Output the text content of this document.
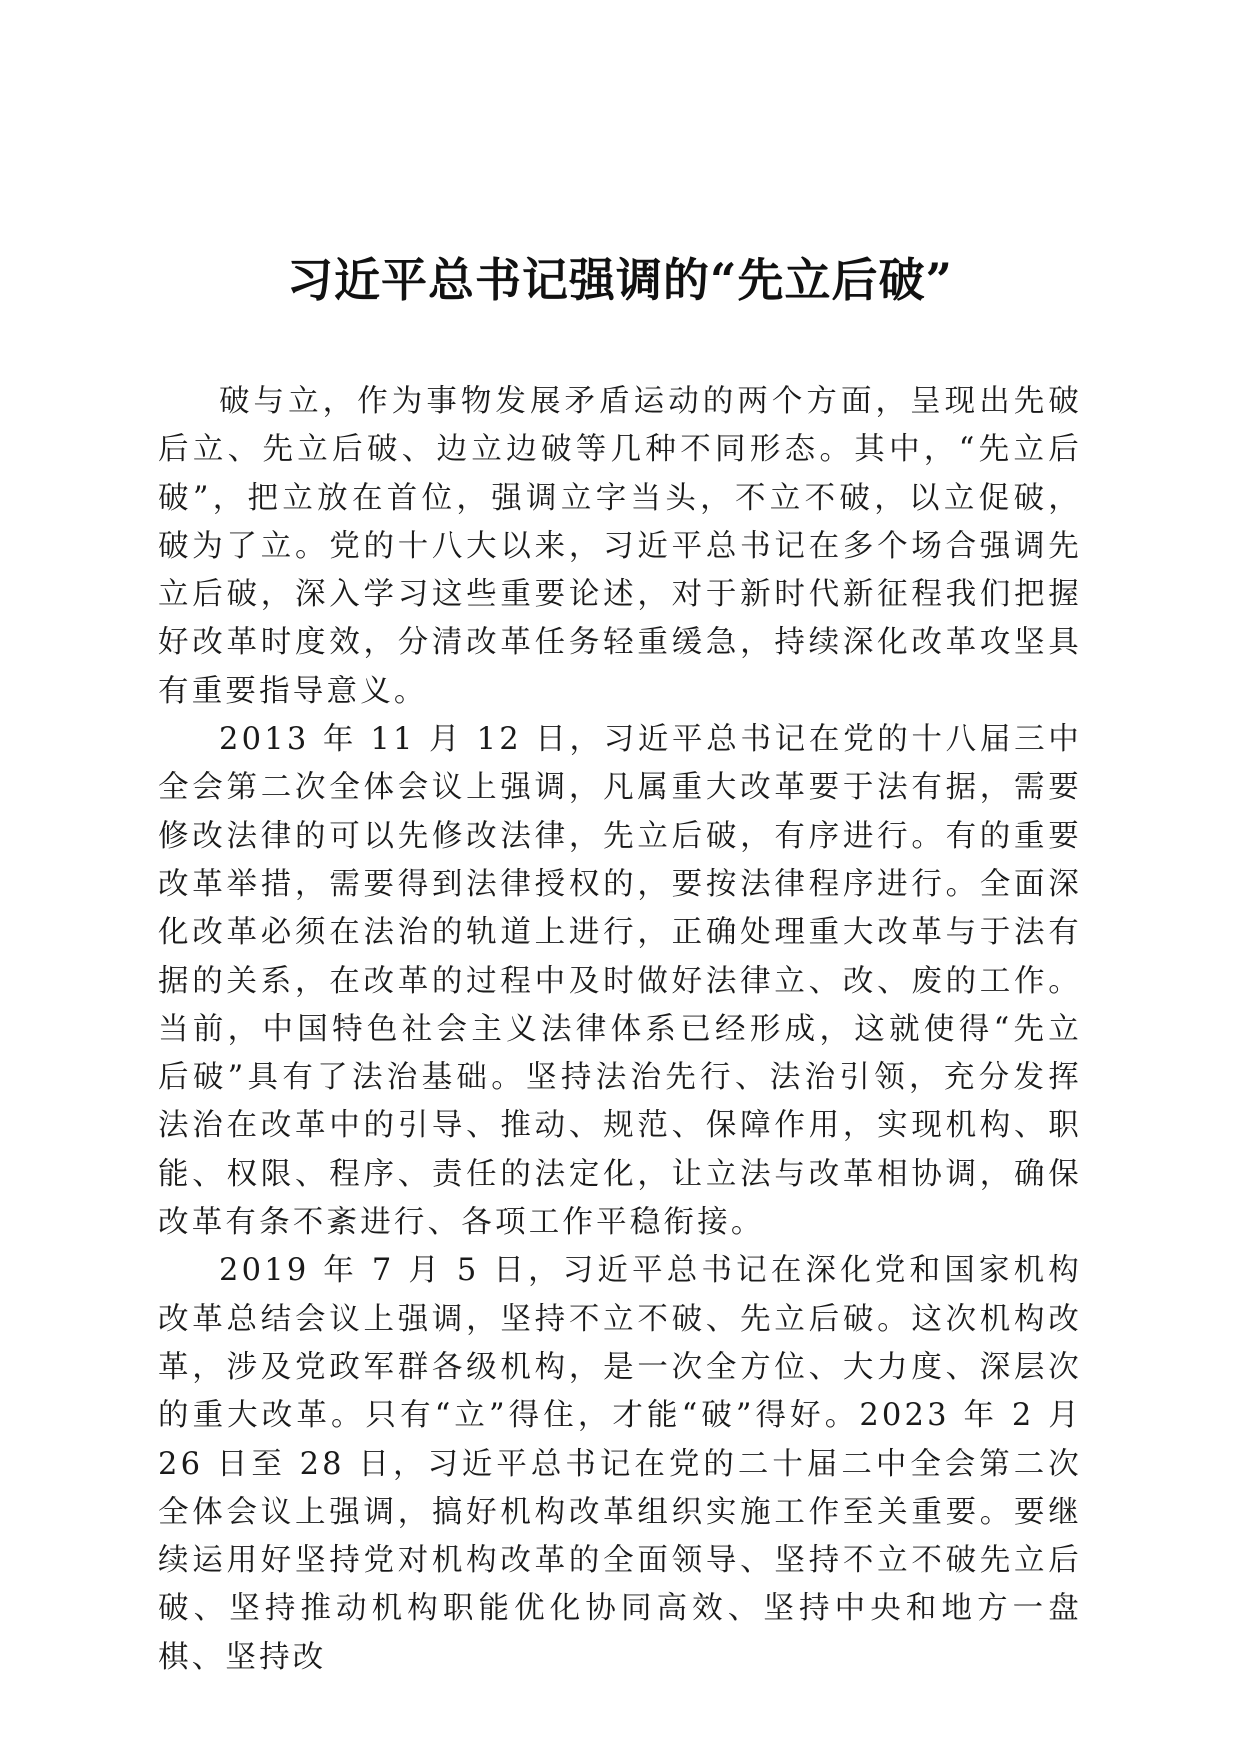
习近平总书记强调的“先立后破”

破与立，作为事物发展矛盾运动的两个方面，呈现出先破后立、先立后破、边立边破等几种不同形态。其中，“先立后破”，把立放在首位，强调立字当头，不立不破，以立促破，破为了立。党的十八大以来，习近平总书记在多个场合强调先立后破，深入学习这些重要论述，对于新时代新征程我们把握好改革时度效，分清改革任务轻重缓急，持续深化改革攻坚具有重要指导意义。

2013 年 11 月 12 日，习近平总书记在党的十八届三中全会第二次全体会议上强调，凡属重大改革要于法有据，需要修改法律的可以先修改法律，先立后破，有序进行。有的重要改革举措，需要得到法律授权的，要按法律程序进行。全面深化改革必须在法治的轨道上进行，正确处理重大改革与于法有据的关系，在改革的过程中及时做好法律立、改、废的工作。当前，中国特色社会主义法律体系已经形成，这就使得“先立后破”具有了法治基础。坚持法治先行、法治引领，充分发挥法治在改革中的引导、推动、规范、保障作用，实现机构、职能、权限、程序、责任的法定化，让立法与改革相协调，确保改革有条不紊进行、各项工作平稳衔接。

2019 年 7 月 5 日，习近平总书记在深化党和国家机构改革总结会议上强调，坚持不立不破、先立后破。这次机构改革，涉及党政军群各级机构，是一次全方位、大力度、深层次的重大改革。只有“立”得住，才能“破”得好。2023 年 2 月 26 日至 28 日，习近平总书记在党的二十届二中全会第二次全体会议上强调，搞好机构改革组织实施工作至关重要。要继续运用好坚持党对机构改革的全面领导、坚持不立不破先立后破、坚持推动机构职能优化协同高效、坚持中央和地方一盘棋、坚持改
